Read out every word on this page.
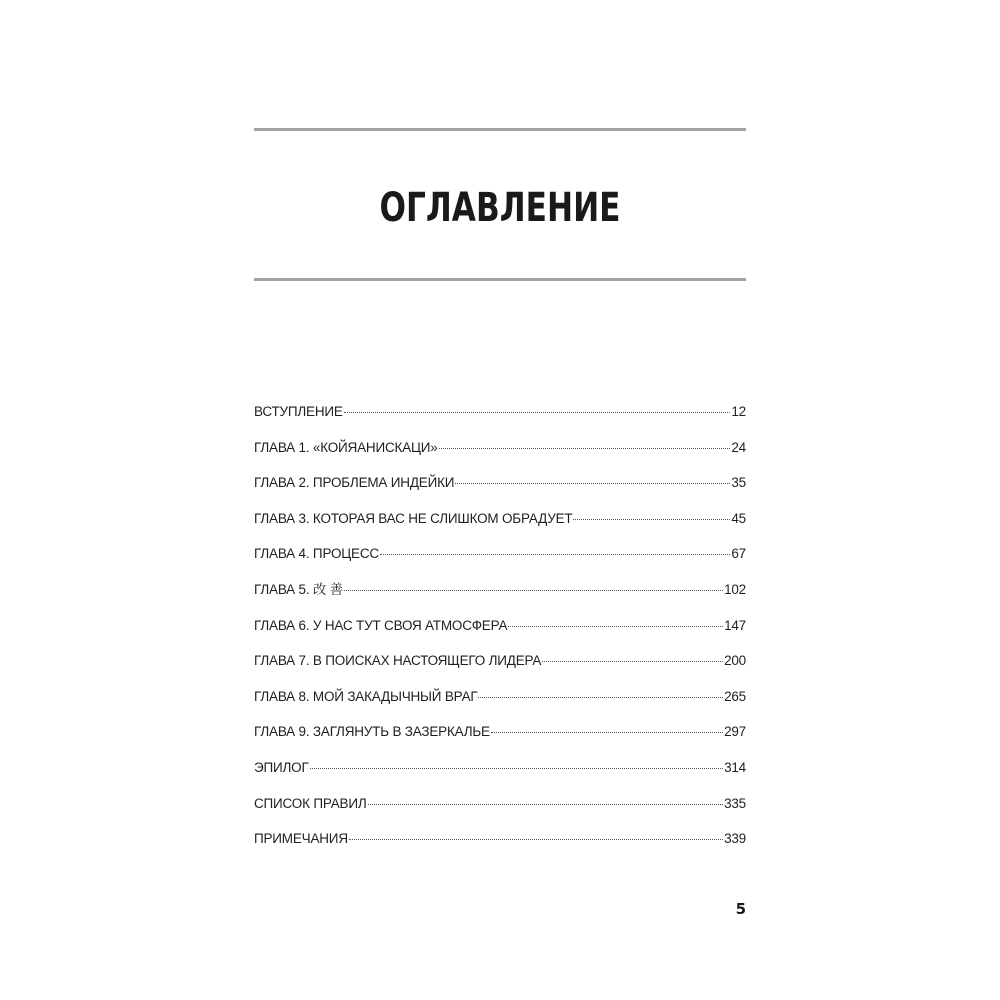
ОГЛАВЛЕНИЕ
ВСТУПЛЕНИЕ	12
ГЛАВА 1. «КОЙЯАНИСКАЦИ»	24
ГЛАВА 2. ПРОБЛЕМА ИНДЕЙКИ	35
ГЛАВА 3. КОТОРАЯ ВАС НЕ СЛИШКОМ ОБРАДУЕТ	45
ГЛАВА 4. ПРОЦЕСС	67
ГЛАВА 5. 改 善	102
ГЛАВА 6. У НАС ТУТ СВОЯ АТМОСФЕРА	147
ГЛАВА 7. В ПОИСКАХ НАСТОЯЩЕГО ЛИДЕРА	200
ГЛАВА 8. МОЙ ЗАКАДЫЧНЫЙ ВРАГ	265
ГЛАВА 9. ЗАГЛЯНУТЬ В ЗАЗЕРКАЛЬЕ	297
ЭПИЛОГ	314
СПИСОК ПРАВИЛ	335
ПРИМЕЧАНИЯ	339
5
